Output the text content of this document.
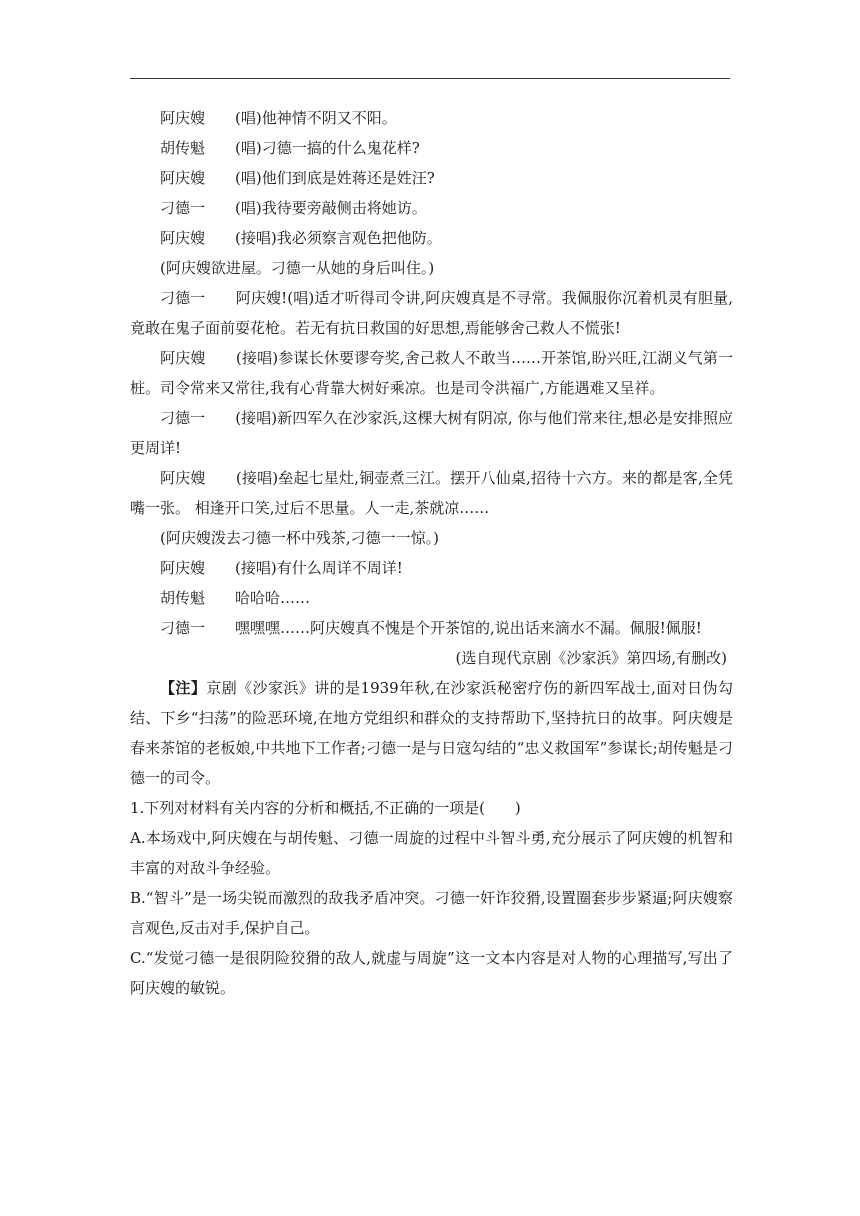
阿庆嫂	(唱)他神情不阴又不阳。
胡传魁	(唱)刁德一搞的什么鬼花样?
阿庆嫂	(唱)他们到底是姓蒋还是姓汪?
刁德一	(唱)我待要旁敲侧击将她访。
阿庆嫂	(接唱)我必须察言观色把他防。
(阿庆嫂欲进屋。刁德一从她的身后叫住。)
刁德一　　阿庆嫂!(唱)适才听得司令讲,阿庆嫂真是不寻常。我佩服你沉着机灵有胆量,竟敢在鬼子面前耍花枪。若无有抗日救国的好思想,焉能够舍己救人不慌张!
阿庆嫂　　(接唱)参谋长休要谬夸奖,舍己救人不敢当……开茶馆,盼兴旺,江湖义气第一桩。司令常来又常往,我有心背靠大树好乘凉。也是司令洪福广,方能遇难又呈祥。
刁德一　　(接唱)新四军久在沙家浜,这棵大树有阴凉, 你与他们常来往,想必是安排照应更周详!
阿庆嫂　　(接唱)垒起七星灶,铜壶煮三江。摆开八仙桌,招待十六方。来的都是客,全凭嘴一张。 相逢开口笑,过后不思量。人一走,茶就凉……
(阿庆嫂泼去刁德一杯中残茶,刁德一一惊。)
阿庆嫂	(接唱)有什么周详不周详!
胡传魁	哈哈哈……
刁德一	嘿嘿嘿……阿庆嫂真不愧是个开茶馆的,说出话来滴水不漏。佩服!佩服!
(选自现代京剧《沙家浜》第四场,有删改)
【注】京剧《沙家浜》讲的是1939年秋,在沙家浜秘密疗伤的新四军战士,面对日伪勾结、下乡“扫荡”的险恶环境,在地方党组织和群众的支持帮助下,坚持抗日的故事。阿庆嫂是春来茶馆的老板娘,中共地下工作者;刁德一是与日寇勾结的“忠义救国军”参谋长;胡传魁是刁德一的司令。
1.下列对材料有关内容的分析和概括,不正确的一项是(　　)
A.本场戏中,阿庆嫂在与胡传魁、刁德一周旋的过程中斗智斗勇,充分展示了阿庆嫂的机智和丰富的对敌斗争经验。
B.“智斗”是一场尖锐而激烈的敌我矛盾冲突。刁德一奸诈狡猾,设置圈套步步紧逼;阿庆嫂察言观色,反击对手,保护自己。
C.“发觉刁德一是很阴险狡猾的敌人,就虚与周旋”这一文本内容是对人物的心理描写,写出了阿庆嫂的敏锐。
